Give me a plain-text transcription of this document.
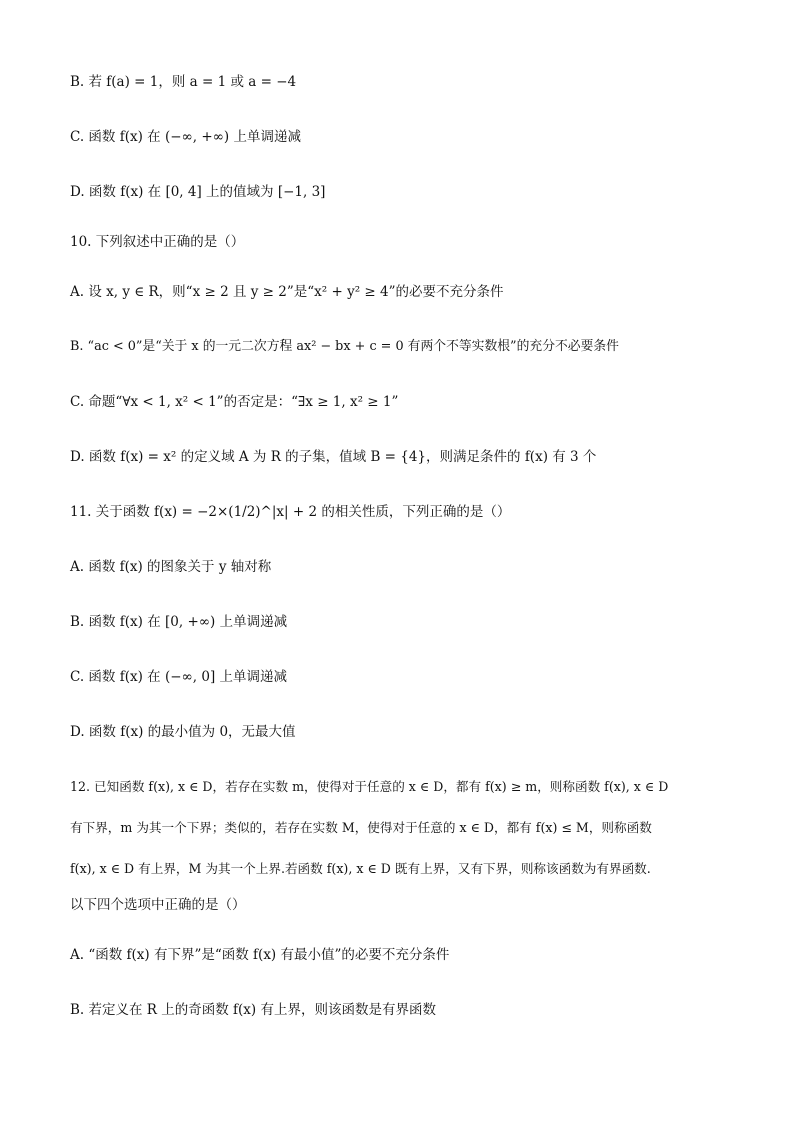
B. 若 f(a) = 1，则 a = 1 或 a = −4
C. 函数 f(x) 在 (−∞, +∞) 上单调递减
D. 函数 f(x) 在 [0, 4] 上的值域为 [−1, 3]
10. 下列叙述中正确的是（）
A. 设 x, y ∈ R，则“x ≥ 2 且 y ≥ 2”是“x² + y² ≥ 4”的必要不充分条件
B. “ac < 0”是“关于 x 的一元二次方程 ax² − bx + c = 0 有两个不等实数根”的充分不必要条件
C. 命题“∀x < 1, x² < 1”的否定是：“∃x ≥ 1, x² ≥ 1”
D. 函数 f(x) = x² 的定义域 A 为 R 的子集，值域 B = {4}，则满足条件的 f(x) 有 3 个
11. 关于函数 f(x) = −2×(1/2)^|x| + 2 的相关性质，下列正确的是（）
A. 函数 f(x) 的图象关于 y 轴对称
B. 函数 f(x) 在 [0, +∞) 上单调递减
C. 函数 f(x) 在 (−∞, 0] 上单调递减
D. 函数 f(x) 的最小值为 0，无最大值
12. 已知函数 f(x), x ∈ D，若存在实数 m，使得对于任意的 x ∈ D，都有 f(x) ≥ m，则称函数 f(x), x ∈ D
有下界，m 为其一个下界；类似的，若存在实数 M，使得对于任意的 x ∈ D，都有 f(x) ≤ M，则称函数
f(x), x ∈ D 有上界，M 为其一个上界.若函数 f(x), x ∈ D 既有上界，又有下界，则称该函数为有界函数.
以下四个选项中正确的是（）
A. “函数 f(x) 有下界”是“函数 f(x) 有最小值”的必要不充分条件
B. 若定义在 R 上的奇函数 f(x) 有上界，则该函数是有界函数
